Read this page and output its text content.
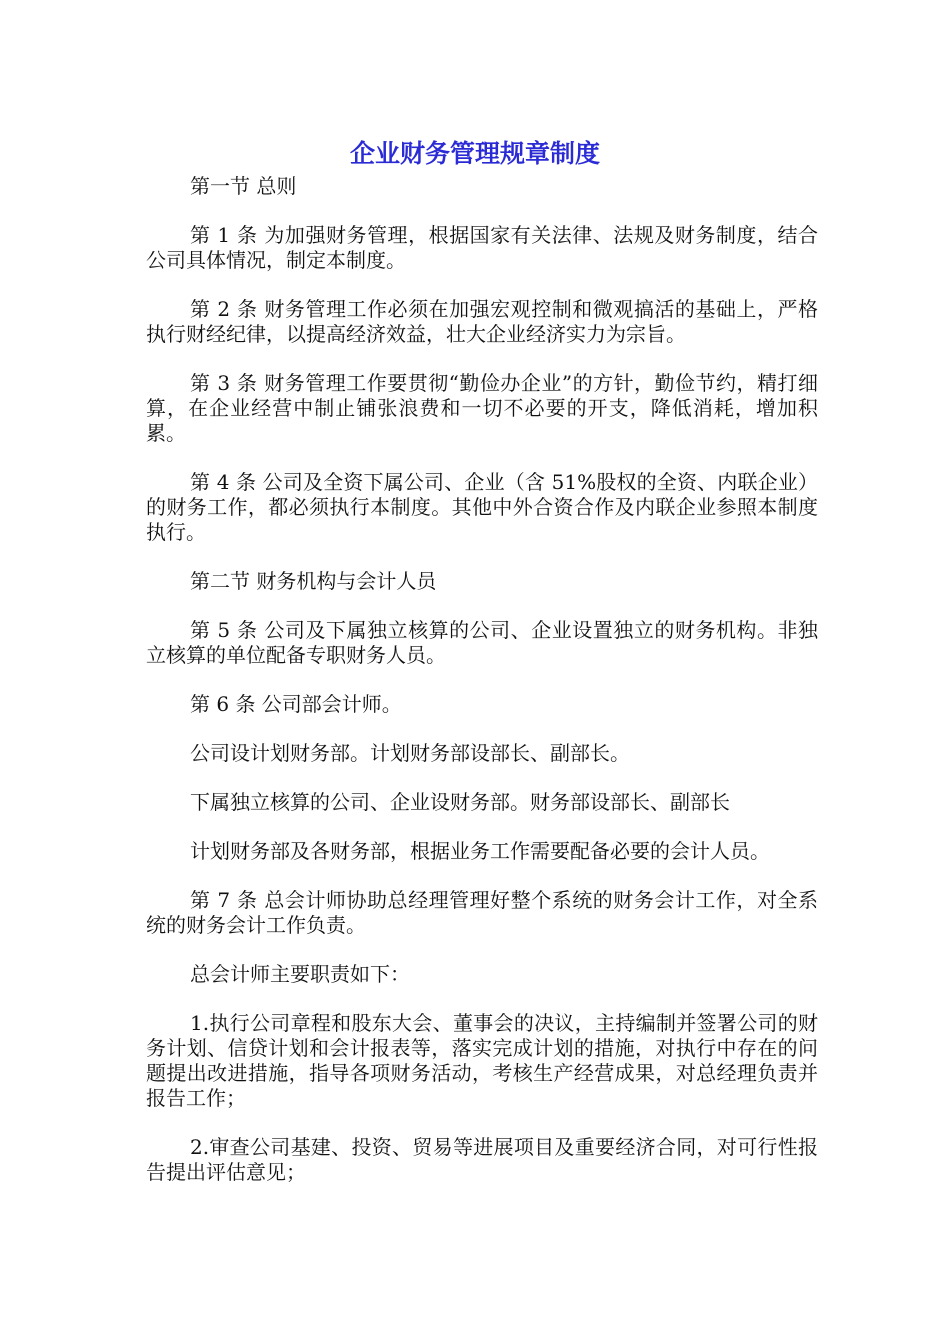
企业财务管理规章制度

第一节 总则

第 1 条 为加强财务管理，根据国家有关法律、法规及财务制度，结合公司具体情况，制定本制度。

第 2 条 财务管理工作必须在加强宏观控制和微观搞活的基础上，严格执行财经纪律，以提高经济效益，壮大企业经济实力为宗旨。

第 3 条 财务管理工作要贯彻“勤俭办企业”的方针，勤俭节约，精打细算，在企业经营中制止铺张浪费和一切不必要的开支，降低消耗，增加积累。

第 4 条 公司及全资下属公司、企业（含 51%股权的全资、内联企业）的财务工作，都必须执行本制度。其他中外合资合作及内联企业参照本制度执行。

第二节 财务机构与会计人员

第 5 条 公司及下属独立核算的公司、企业设置独立的财务机构。非独立核算的单位配备专职财务人员。

第 6 条 公司部会计师。

公司设计划财务部。计划财务部设部长、副部长。

下属独立核算的公司、企业设财务部。财务部设部长、副部长

计划财务部及各财务部，根据业务工作需要配备必要的会计人员。

第 7 条 总会计师协助总经理管理好整个系统的财务会计工作，对全系统的财务会计工作负责。

总会计师主要职责如下：

1.执行公司章程和股东大会、董事会的决议，主持编制并签署公司的财务计划、信贷计划和会计报表等，落实完成计划的措施，对执行中存在的问题提出改进措施，指导各项财务活动，考核生产经营成果，对总经理负责并报告工作；

2.审查公司基建、投资、贸易等进展项目及重要经济合同，对可行性报告提出评估意见；
